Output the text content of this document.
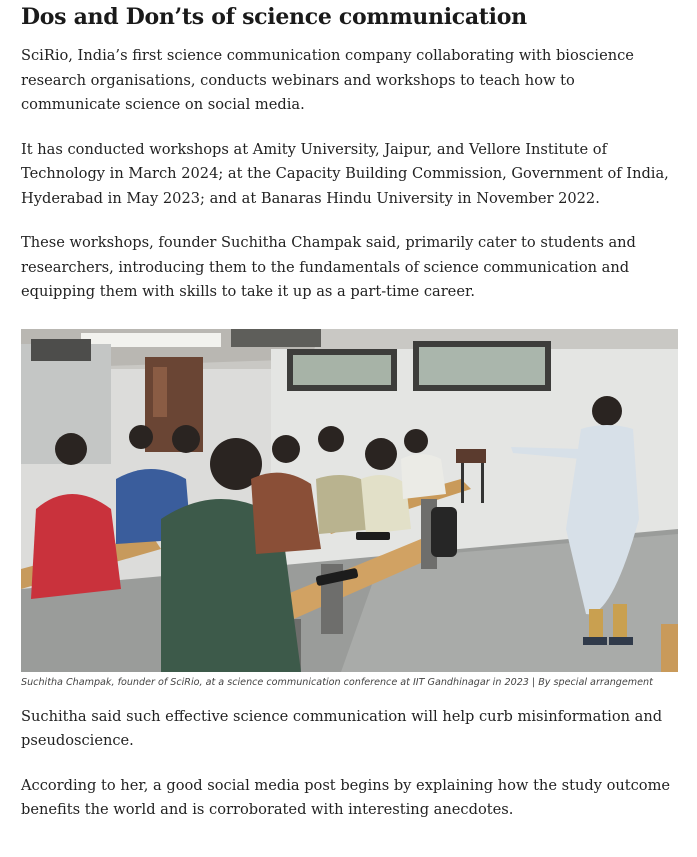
Dos and Don’ts of science communication

SciRio, India’s first science communication company collaborating with bioscience research organisations, conducts webinars and workshops to teach how to communicate science on social media.

It has conducted workshops at Amity University, Jaipur, and Vellore Institute of Technology in March 2024; at the Capacity Building Commission, Government of India, Hyderabad in May 2023; and at Banaras Hindu University in November 2022.

These workshops, founder Suchitha Champak said, primarily cater to students and researchers, introducing them to the fundamentals of science communication and equipping them with skills to take it up as a part-time career.

Suchitha Champak, founder of SciRio, at a science communication conference at IIT Gandhinagar in 2023 | By special arrangement

Suchitha said such effective science communication will help curb misinformation and pseudoscience.

According to her, a good social media post begins by explaining how the study outcome benefits the world and is corroborated with interesting anecdotes.
